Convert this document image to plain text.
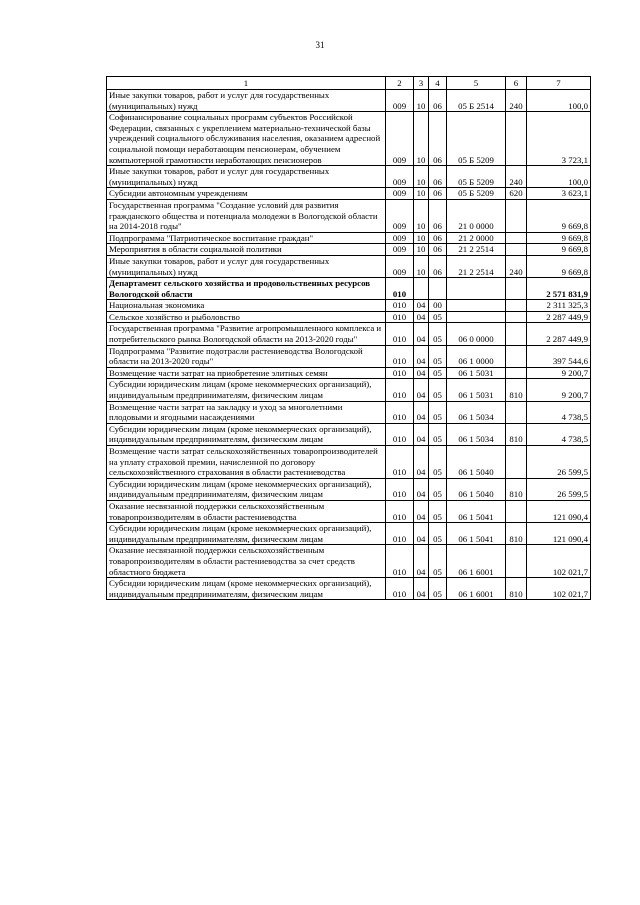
31
1	2	3	4	5	6	7
Иные закупки товаров, работ и услуг для государственных (муниципальных) нужд	009	10	06	05 Б 2514	240	100,0
Софинансирование социальных программ субъектов Российской Федерации, связанных с укреплением материально-технической базы учреждений социального обслуживания населения, оказанием адресной социальной помощи неработающим пенсионерам, обучением компьютерной грамотности неработающих пенсионеров	009	10	06	05 Б 5209		3 723,1
Иные закупки товаров, работ и услуг для государственных (муниципальных) нужд	009	10	06	05 Б 5209	240	100,0
Субсидии автономным учреждениям	009	10	06	05 Б 5209	620	3 623,1
Государственная программа "Создание условий для развития гражданского общества и потенциала молодежи в Вологодской области на 2014-2018 годы"	009	10	06	21 0 0000		9 669,8
Подпрограмма "Патриотическое воспитание граждан"	009	10	06	21 2 0000		9 669,8
Мероприятия в области социальной политики	009	10	06	21 2 2514		9 669,8
Иные закупки товаров, работ и услуг для государственных (муниципальных) нужд	009	10	06	21 2 2514	240	9 669,8
Департамент сельского хозяйства и продовольственных ресурсов Вологодской области	010					2 571 831,9
Национальная экономика	010	04	00			2 311 325,3
Сельское хозяйство и рыболовство	010	04	05			2 287 449,9
Государственная программа "Развитие агропромышленного комплекса и потребительского рынка Вологодской области на 2013-2020 годы"	010	04	05	06 0 0000		2 287 449,9
Подпрограмма "Развитие подотрасли растениеводства Вологодской области на 2013-2020 годы"	010	04	05	06 1 0000		397 544,6
Возмещение части затрат на приобретение элитных семян	010	04	05	06 1 5031		9 200,7
Субсидии юридическим лицам (кроме некоммерческих организаций), индивидуальным предпринимателям, физическим лицам	010	04	05	06 1 5031	810	9 200,7
Возмещение части затрат на закладку и уход за многолетними плодовыми и ягодными насаждениями	010	04	05	06 1 5034		4 738,5
Субсидии юридическим лицам (кроме некоммерческих организаций), индивидуальным предпринимателям, физическим лицам	010	04	05	06 1 5034	810	4 738,5
Возмещение части затрат сельскохозяйственных товаропроизводителей на уплату страховой премии, начисленной по договору сельскохозяйственного страхования в области растениеводства	010	04	05	06 1 5040		26 599,5
Субсидии юридическим лицам (кроме некоммерческих организаций), индивидуальным предпринимателям, физическим лицам	010	04	05	06 1 5040	810	26 599,5
Оказание несвязанной поддержки сельскохозяйственным товаропроизводителям в области растениеводства	010	04	05	06 1 5041		121 090,4
Субсидии юридическим лицам (кроме некоммерческих организаций), индивидуальным предпринимателям, физическим лицам	010	04	05	06 1 5041	810	121 090,4
Оказание несвязанной поддержки сельскохозяйственным товаропроизводителям в области растениеводства за счет средств областного бюджета	010	04	05	06 1 6001		102 021,7
Субсидии юридическим лицам (кроме некоммерческих организаций), индивидуальным предпринимателям, физическим лицам	010	04	05	06 1 6001	810	102 021,7
